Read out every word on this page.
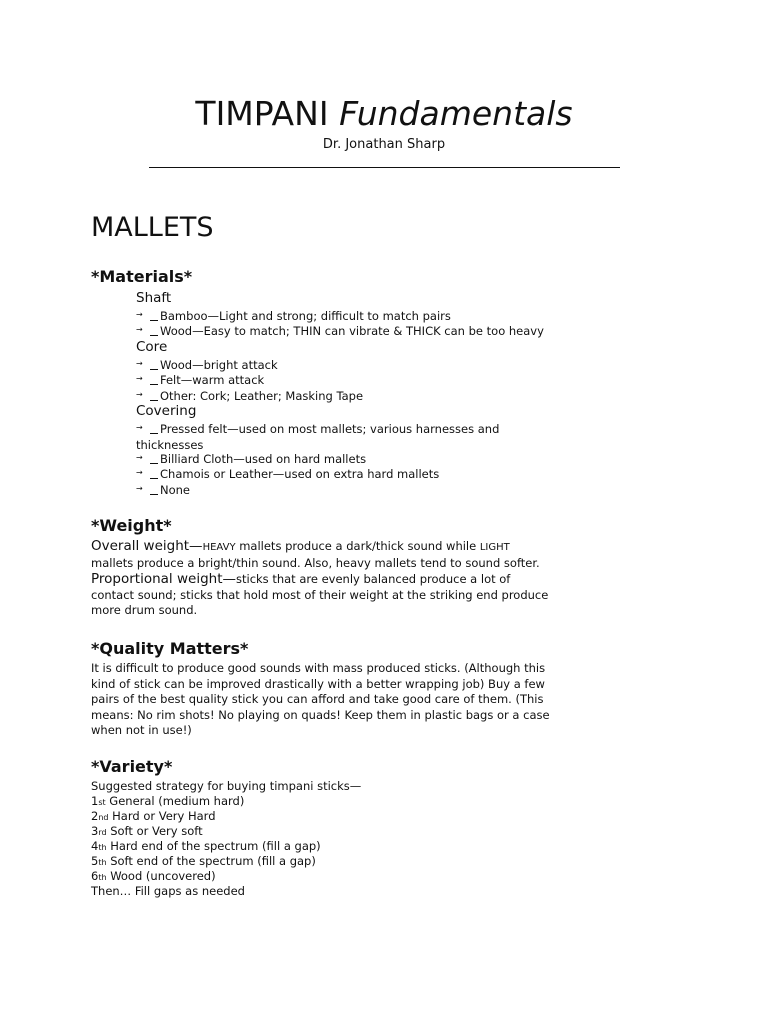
TIMPANI Fundamentals
Dr. Jonathan Sharp
MALLETS
*Materials*
Shaft
→ Bamboo—Light and strong; difficult to match pairs
→ Wood—Easy to match; THIN can vibrate & THICK can be too heavy
Core
→ Wood—bright attack
→ Felt—warm attack
→ Other: Cork; Leather; Masking Tape
Covering
→ Pressed felt—used on most mallets; various harnesses and thicknesses
→ Billiard Cloth—used on hard mallets
→ Chamois or Leather—used on extra hard mallets
→ None
*Weight*
Overall weight—HEAVY mallets produce a dark/thick sound while LIGHT mallets produce a bright/thin sound. Also, heavy mallets tend to sound softer.
Proportional weight—sticks that are evenly balanced produce a lot of contact sound; sticks that hold most of their weight at the striking end produce more drum sound.
*Quality Matters*
It is difficult to produce good sounds with mass produced sticks. (Although this kind of stick can be improved drastically with a better wrapping job) Buy a few pairs of the best quality stick you can afford and take good care of them. (This means: No rim shots! No playing on quads! Keep them in plastic bags or a case when not in use!)
*Variety*
Suggested strategy for buying timpani sticks—
1st General (medium hard)
2nd Hard or Very Hard
3rd Soft or Very soft
4th Hard end of the spectrum (fill a gap)
5th Soft end of the spectrum (fill a gap)
6th Wood (uncovered)
Then… Fill gaps as needed
